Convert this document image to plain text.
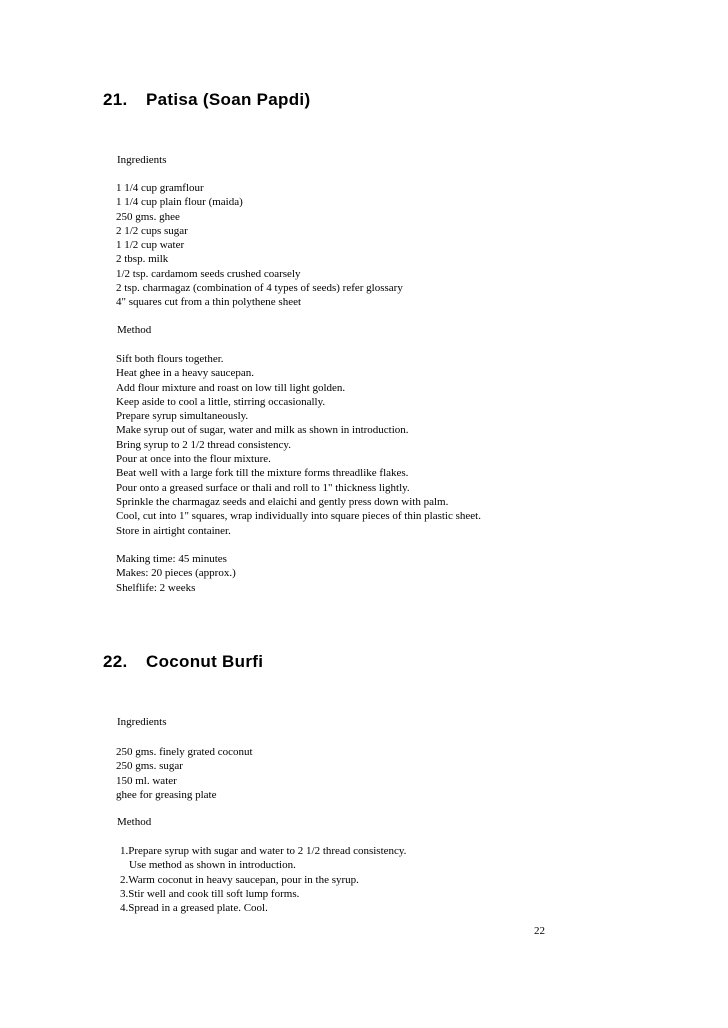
21. Patisa (Soan Papdi)
Ingredients
1 1/4 cup gramflour
1 1/4 cup plain flour (maida)
250 gms. ghee
2 1/2 cups sugar
1 1/2 cup water
2 tbsp. milk
1/2 tsp. cardamom seeds crushed coarsely
2 tsp. charmagaz (combination of 4 types of seeds) refer glossary
4" squares cut from a thin polythene sheet
Method
Sift both flours together.
Heat ghee in a heavy saucepan.
Add flour mixture and roast on low till light golden.
Keep aside to cool a little, stirring occasionally.
Prepare syrup simultaneously.
Make syrup out of sugar, water and milk as shown in introduction.
Bring syrup to 2 1/2 thread consistency.
Pour at once into the flour mixture.
Beat well with a large fork till the mixture forms threadlike flakes.
Pour onto a greased surface or thali and roll to 1" thickness lightly.
Sprinkle the charmagaz seeds and elaichi and gently press down with palm.
Cool, cut into 1" squares, wrap individually into square pieces of thin plastic sheet.
Store in airtight container.
Making time: 45 minutes
Makes: 20 pieces (approx.)
Shelflife: 2 weeks
22. Coconut Burfi
Ingredients
250 gms. finely grated coconut
250 gms. sugar
150 ml. water
ghee for greasing plate
Method
1.Prepare syrup with sugar and water to 2 1/2 thread consistency.
Use method as shown in introduction.
2.Warm coconut in heavy saucepan, pour in the syrup.
3.Stir well and cook till soft lump forms.
4.Spread in a greased plate. Cool.
22
